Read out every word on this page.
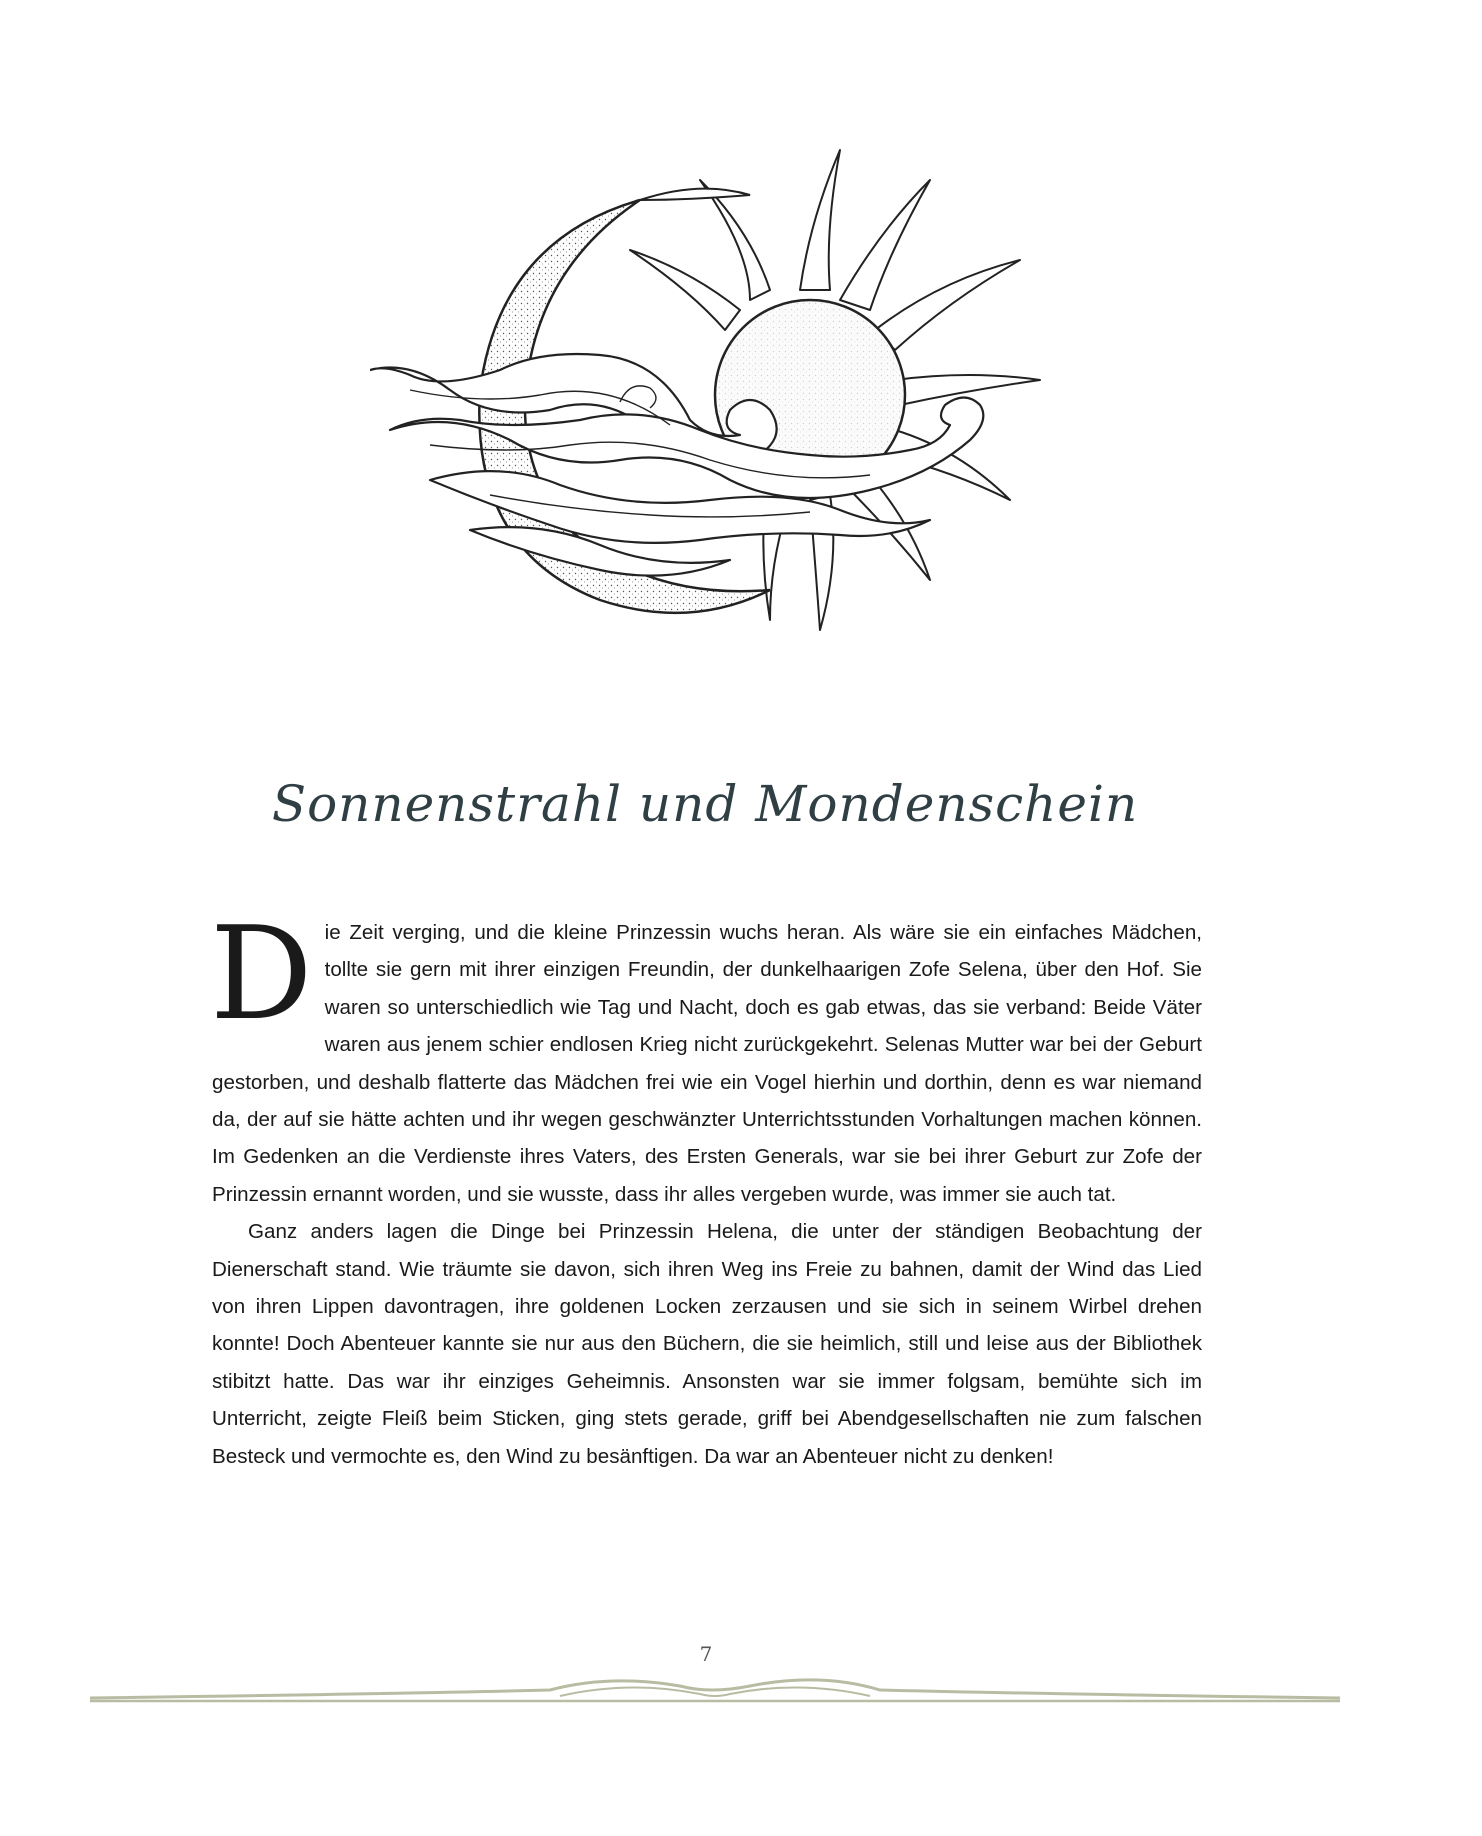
Sonnenstrahl und Mondenschein

D ie Zeit verging, und die kleine Prinzessin wuchs heran. Als wäre sie ein einfaches Mädchen, tollte sie gern mit ihrer einzigen Freundin, der dunkelhaarigen Zofe Selena, über den Hof. Sie waren so unterschiedlich wie Tag und Nacht, doch es gab etwas, das sie verband: Beide Väter waren aus jenem schier endlosen Krieg nicht zurückgekehrt. Selenas Mutter war bei der Geburt gestorben, und deshalb flatterte das Mädchen frei wie ein Vogel hierhin und dorthin, denn es war niemand da, der auf sie hätte achten und ihr wegen geschwänzter Unterrichtsstunden Vorhaltungen machen können. Im Gedenken an die Verdienste ihres Vaters, des Ersten Generals, war sie bei ihrer Geburt zur Zofe der Prinzessin ernannt worden, und sie wusste, dass ihr alles vergeben wurde, was immer sie auch tat.

Ganz anders lagen die Dinge bei Prinzessin Helena, die unter der ständigen Beobachtung der Dienerschaft stand. Wie träumte sie davon, sich ihren Weg ins Freie zu bahnen, damit der Wind das Lied von ihren Lippen davontragen, ihre goldenen Locken zerzausen und sie sich in seinem Wirbel drehen konnte! Doch Abenteuer kannte sie nur aus den Büchern, die sie heimlich, still und leise aus der Bibliothek stibitzt hatte. Das war ihr einziges Geheimnis. Ansonsten war sie immer folgsam, bemühte sich im Unterricht, zeigte Fleiß beim Sticken, ging stets gerade, griff bei Abendgesellschaften nie zum falschen Besteck und vermochte es, den Wind zu besänftigen. Da war an Abenteuer nicht zu denken!

7
